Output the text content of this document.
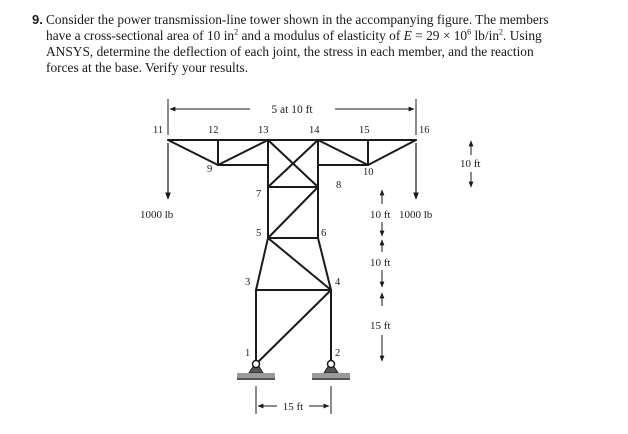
9. Consider the power transmission-line tower shown in the accompanying figure. The members

have a cross-sectional area of 10 $in^2$ and a modulus of elasticity of $E = 29 \times 10^6$ $lb/in^2$. Using

ANSYS, determine the deflection of each joint, the stress in each member, and the reaction

forces at the base. Verify your results.

5 at 10 ft
1000 lb	1000 lb
10 ft
10 ft
15 ft
10 ft
15 ft
1	2
3	4
5	6
7
8
9	10
11	12	13	14	15	16
